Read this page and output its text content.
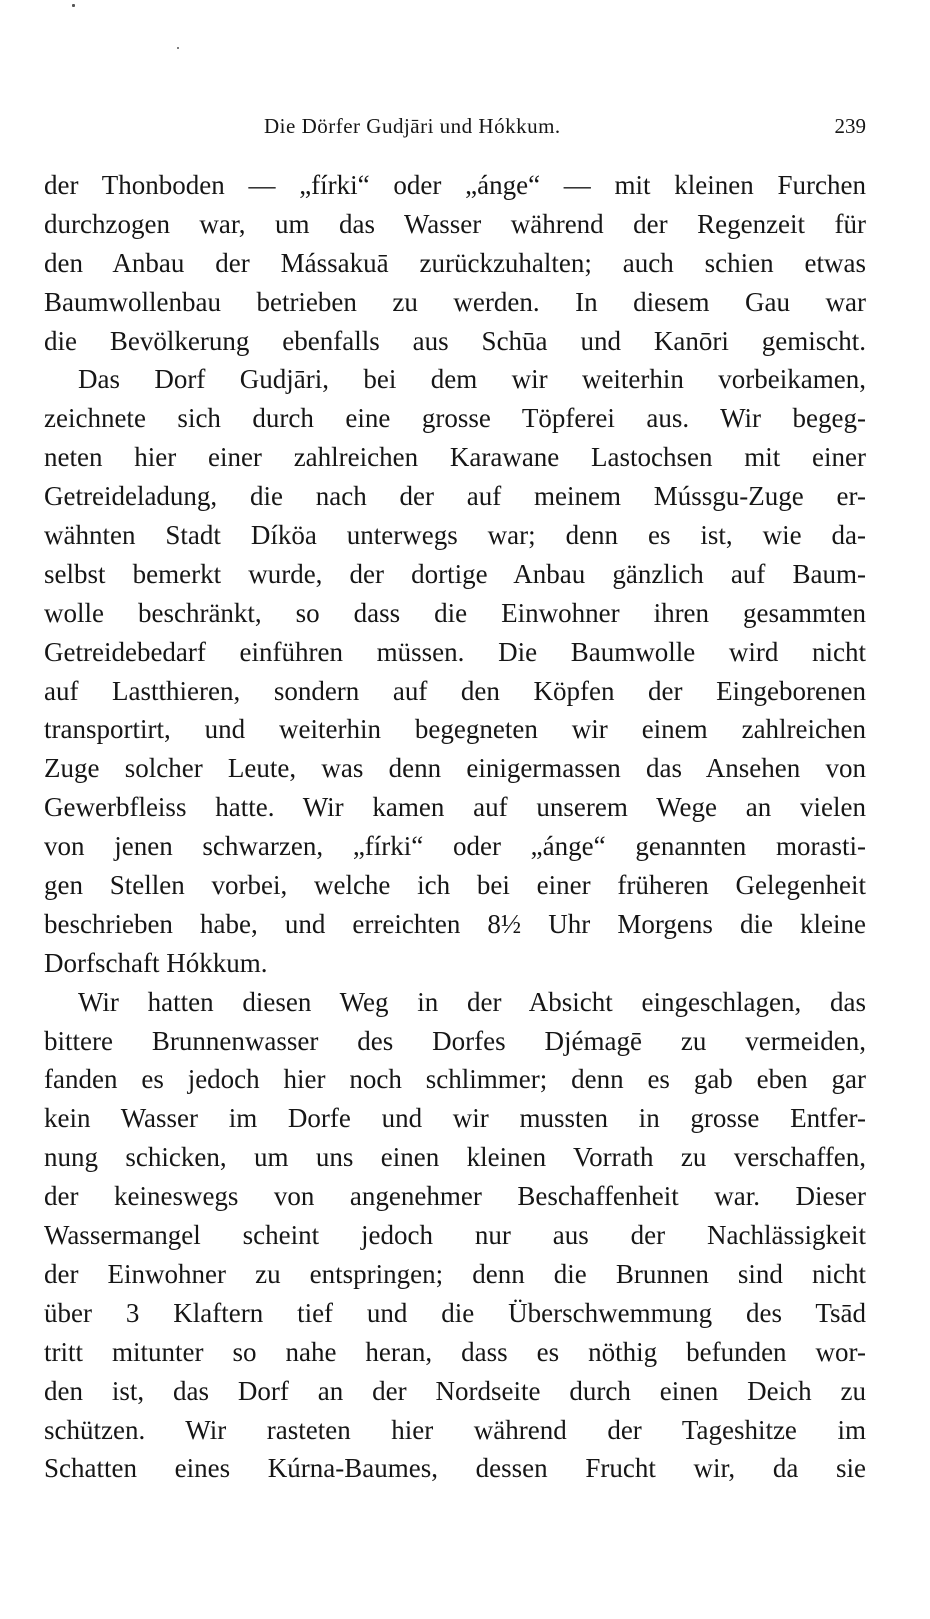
Die Dörfer Gudjāri und Hókkum.	239
der Thonboden — „fírki“ oder „ánge“ — mit kleinen Furchen
durchzogen war, um das Wasser während der Regenzeit für
den Anbau der Mássakuā zurückzuhalten; auch schien etwas
Baumwollenbau betrieben zu werden. In diesem Gau war
die Bevölkerung ebenfalls aus Schūa und Kanōri gemischt.
Das Dorf Gudjāri, bei dem wir weiterhin vorbeikamen,
zeichnete sich durch eine grosse Töpferei aus. Wir begeg-
neten hier einer zahlreichen Karawane Lastochsen mit einer
Getreideladung, die nach der auf meinem Mússgu-Zuge er-
wähnten Stadt Díköa unterwegs war; denn es ist, wie da-
selbst bemerkt wurde, der dortige Anbau gänzlich auf Baum-
wolle beschränkt, so dass die Einwohner ihren gesammten
Getreidebedarf einführen müssen. Die Baumwolle wird nicht
auf Lastthieren, sondern auf den Köpfen der Eingeborenen
transportirt, und weiterhin begegneten wir einem zahlreichen
Zuge solcher Leute, was denn einigermassen das Ansehen von
Gewerbfleiss hatte. Wir kamen auf unserem Wege an vielen
von jenen schwarzen, „fírki“ oder „ánge“ genannten morasti-
gen Stellen vorbei, welche ich bei einer früheren Gelegenheit
beschrieben habe, und erreichten 8½ Uhr Morgens die kleine
Dorfschaft Hókkum.
Wir hatten diesen Weg in der Absicht eingeschlagen, das
bittere Brunnenwasser des Dorfes Djémagē zu vermeiden,
fanden es jedoch hier noch schlimmer; denn es gab eben gar
kein Wasser im Dorfe und wir mussten in grosse Entfer-
nung schicken, um uns einen kleinen Vorrath zu verschaffen,
der keineswegs von angenehmer Beschaffenheit war. Dieser
Wassermangel scheint jedoch nur aus der Nachlässigkeit
der Einwohner zu entspringen; denn die Brunnen sind nicht
über 3 Klaftern tief und die Überschwemmung des Tsād
tritt mitunter so nahe heran, dass es nöthig befunden wor-
den ist, das Dorf an der Nordseite durch einen Deich zu
schützen. Wir rasteten hier während der Tageshitze im
Schatten eines Kúrna-Baumes, dessen Frucht wir, da sie
